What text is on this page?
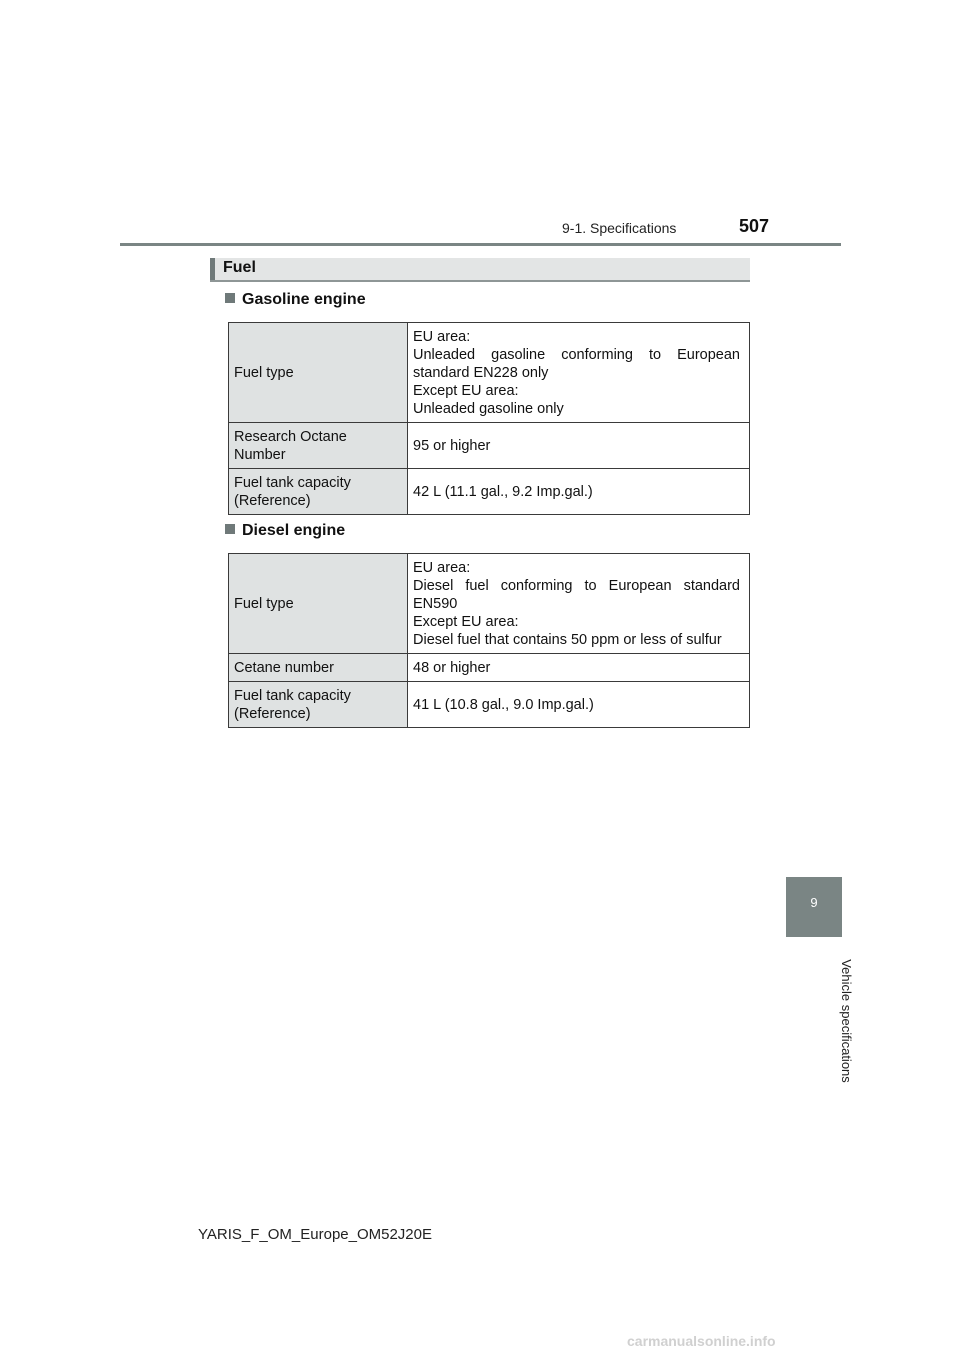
9-1. Specifications	507
Fuel
Gasoline engine
Fuel type	EU area:
Unleaded gasoline conforming to European standard EN228 only
Except EU area:
Unleaded gasoline only

Research Octane
Number	95 or higher

Fuel tank capacity
(Reference)	42 L (11.1 gal., 9.2 Imp.gal.)
Diesel engine
Fuel type	EU area:
Diesel fuel conforming to European standard EN590
Except EU area:
Diesel fuel that contains 50 ppm or less of sulfur

Cetane number	48 or higher

Fuel tank capacity
(Reference)	41 L (10.8 gal., 9.0 Imp.gal.)
9
Vehicle specifications
YARIS_F_OM_Europe_OM52J20E
carmanualsonline.info
